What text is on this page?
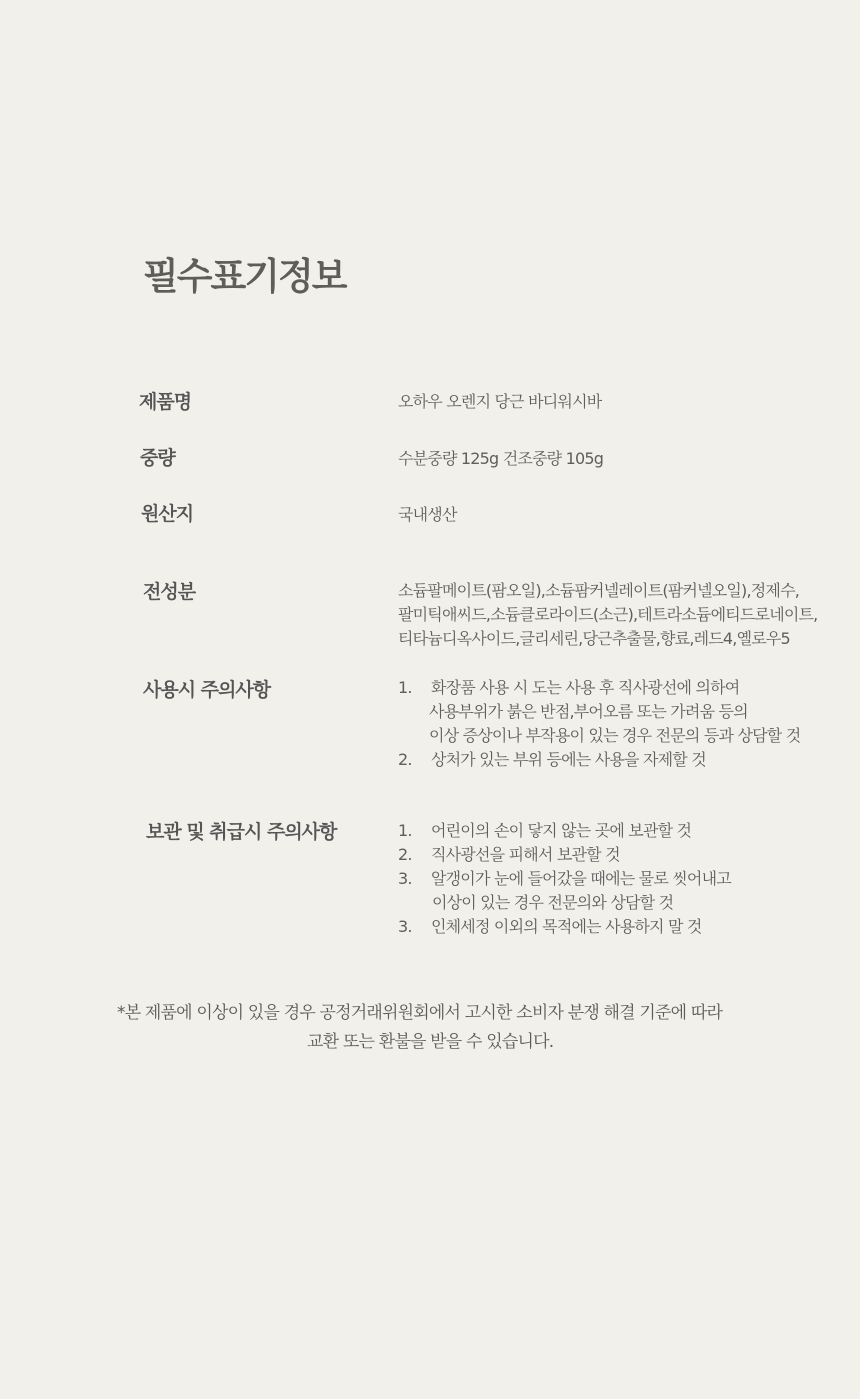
필수표기정보
제품명	오하우 오렌지 당근 바디워시바
중량	수분중량 125g 건조중량 105g
원산지	국내생산
전성분	소듐팔메이트(팜오일),소듐팜커넬레이트(팜커넬오일),정제수,
팔미틱애씨드,소듐클로라이드(소근),테트라소듐에티드로네이트,
티타늄디옥사이드,글리세린,당근추출물,향료,레드4,옐로우5
사용시 주의사항	1. 화장품 사용 시 도는 사용 후 직사광선에 의하여
사용부위가 붉은 반점,부어오름 또는 가려움 등의
이상 증상이나 부작용이 있는 경우 전문의 등과 상담할 것
2. 상처가 있는 부위 등에는 사용을 자제할 것
보관 및 취급시 주의사항	1. 어린이의 손이 닿지 않는 곳에 보관할 것
2. 직사광선을 피해서 보관할 것
3. 알갱이가 눈에 들어갔을 때에는 물로 씻어내고
이상이 있는 경우 전문의와 상담할 것
3. 인체세정 이외의 목적에는 사용하지 말 것
*본 제품에 이상이 있을 경우 공정거래위원회에서 고시한 소비자 분쟁 해결 기준에 따라
교환 또는 환불을 받을 수 있습니다.
